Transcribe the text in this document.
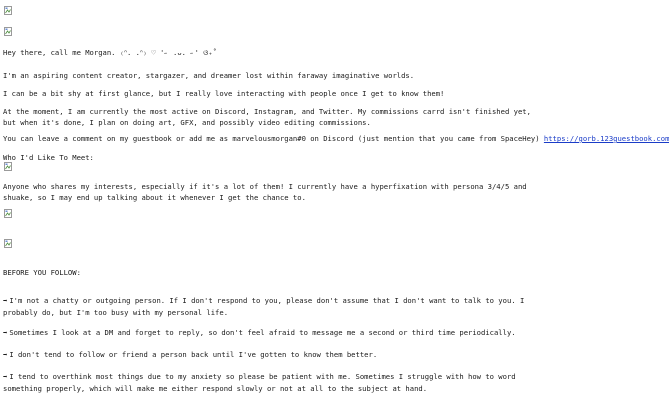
Hey there, call me Morgan. ₍ᐢ. .ᐢ₎ ♡ '˶ .ᴗ. ˶' ଓ₊˚
I'm an aspiring content creator, stargazer, and dreamer lost within faraway imaginative worlds.
I can be a bit shy at first glance, but I really love interacting with people once I get to know them!
At the moment, I am currently the most active on Discord, Instagram, and Twitter. My commissions carrd isn't finished yet, but when it's done, I plan on doing art, GFX, and possibly video editing commissions.
You can leave a comment on my guestbook or add me as marvelousmorgan#0 on Discord (just mention that you came from SpaceHey) https://gorb.123guestbook.com
Who I'd Like To Meet:
Anyone who shares my interests, especially if it's a lot of them! I currently have a hyperfixation with persona 3/4/5 and shuake, so I may end up talking about it whenever I get the chance to.
BEFORE YOU FOLLOW:
➡ I'm not a chatty or outgoing person. If I don't respond to you, please don't assume that I don't want to talk to you. I probably do, but I'm too busy with my personal life.
➡ Sometimes I look at a DM and forget to reply, so don't feel afraid to message me a second or third time periodically.
➡ I don't tend to follow or friend a person back until I've gotten to know them better.
➡ I tend to overthink most things due to my anxiety so please be patient with me. Sometimes I struggle with how to word something properly, which will make me either respond slowly or not at all to the subject at hand.
